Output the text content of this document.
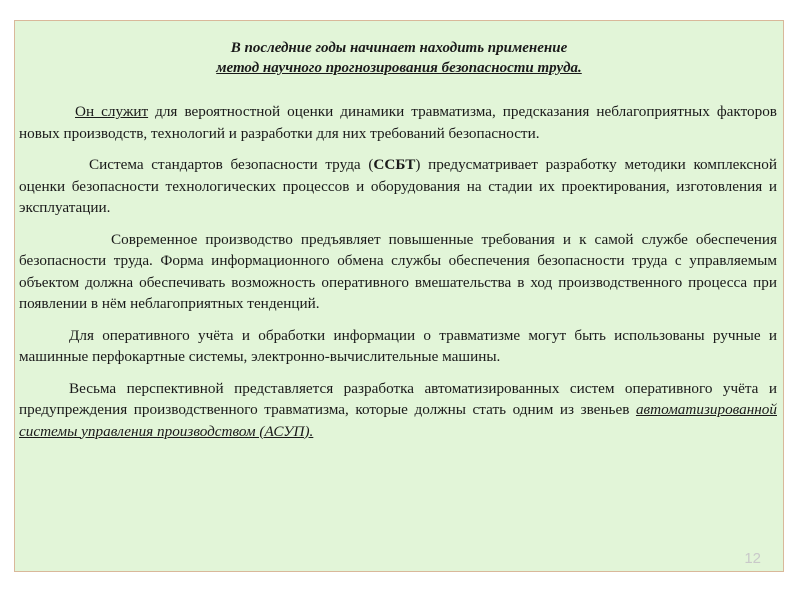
В последние годы начинает находить применение
метод научного прогнозирования безопасности труда.

Он служит для вероятностной оценки динамики травматизма, предсказания неблагоприятных факторов новых производств, технологий и разработки для них требований безопасности.

Система стандартов безопасности труда (ССБТ) предусматривает разработку методики комплексной оценки безопасности технологических процессов и оборудования на стадии их проектирования, изготовления и эксплуатации.

Современное производство предъявляет повышенные требования и к самой службе обеспечения безопасности труда. Форма информационного обмена службы обеспечения безопасности труда с управляемым объектом должна обеспечивать возможность оперативного вмешательства в ход производственного процесса при появлении в нём неблагоприятных тенденций.

Для оперативного учёта и обработки информации о травматизме могут быть использованы ручные и машинные перфокартные системы, электронно-вычислительные машины.

Весьма перспективной представляется разработка автоматизированных систем оперативного учёта и предупреждения производственного травматизма, которые должны стать одним из звеньев автоматизированной системы управления производством (АСУП).

12
